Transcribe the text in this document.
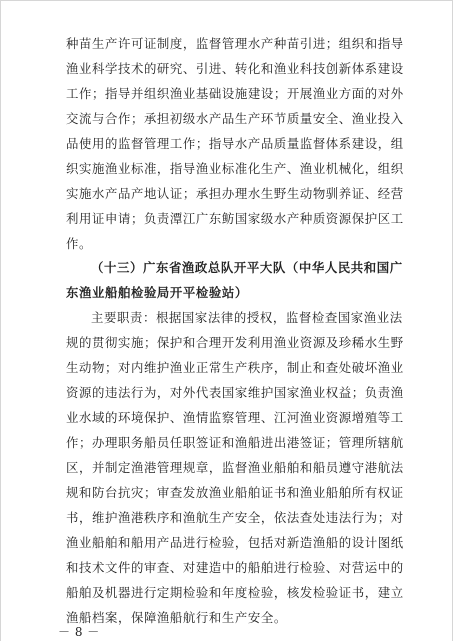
种苗生产许可证制度，监督管理水产种苗引进；组织和指导
渔业科学技术的研究、引进、转化和渔业科技创新体系建设
工作；指导并组织渔业基础设施建设；开展渔业方面的对外
交流与合作；承担初级水产品生产环节质量安全、渔业投入
品使用的监督管理工作；指导水产品质量监督体系建设，组
织实施渔业标准，指导渔业标准化生产、渔业机械化，组织
实施水产品产地认证；承担办理水生野生动物驯养证、经营
利用证申请；负责潭江广东鲂国家级水产种质资源保护区工
作。
（十三）广东省渔政总队开平大队（中华人民共和国广
东渔业船舶检验局开平检验站）
主要职责：根据国家法律的授权，监督检查国家渔业法
规的贯彻实施；保护和合理开发利用渔业资源及珍稀水生野
生动物；对内维护渔业正常生产秩序，制止和查处破坏渔业
资源的违法行为，对外代表国家维护国家渔业权益；负责渔
业水域的环境保护、渔情监察管理、江河渔业资源增殖等工
作；办理职务船员任职签证和渔船进出港签证；管理所辖航
区，并制定渔港管理规章，监督渔业船舶和船员遵守港航法
规和防台抗灾；审查发放渔业船舶证书和渔业船舶所有权证
书，维护渔港秩序和渔航生产安全，依法查处违法行为；对
渔业船舶和船用产品进行检验，包括对新造渔船的设计图纸
和技术文件的审查、对建造中的船舶进行检验、对营运中的
船舶及机器进行定期检验和年度检验，核发检验证书，建立
渔船档案，保障渔船航行和生产安全。
－ 8 －
